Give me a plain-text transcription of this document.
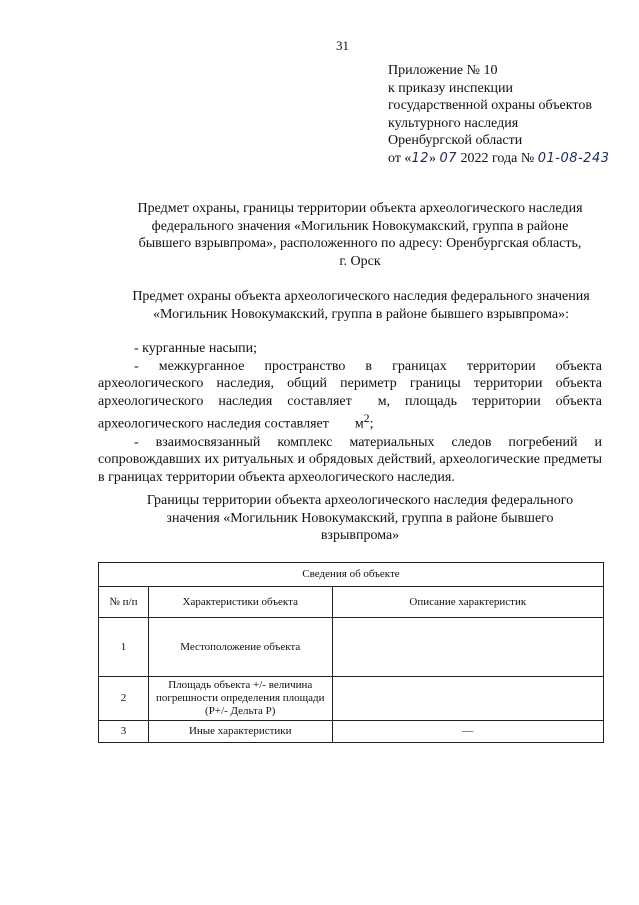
31
Приложение № 10
к приказу инспекции
государственной охраны объектов
культурного наследия
Оренбургской области
от «12» 07 2022 года № 01-08-243
Предмет охраны, границы территории объекта археологического наследия
федерального значения «Могильник Новокумакский, группа в районе
бывшего взрывпрома», расположенного по адресу: Оренбургская область,
г. Орск
Предмет охраны объекта археологического наследия федерального значения
«Могильник Новокумакский, группа в районе бывшего взрывпрома»:

- курганные насыпи;

- межкурганное пространство в границах территории объекта археологического наследия, общий периметр границы территории объекта археологического наследия составляет м, площадь территории объекта археологического наследия составляет $м^2$;

- взаимосвязанный комплекс материальных следов погребений и сопровождавших их ритуальных и обрядовых действий, археологические предметы в границах территории объекта археологического наследия.

Границы территории объекта археологического наследия федерального
значения «Могильник Новокумакский, группа в районе бывшего
взрывпрома»
Сведения об объекте		
№ п/п	Характеристики объекта	Описание характеристик
1	Местоположение объекта	
2	Площадь объекта +/- величина погрешности определения площади (Р+/- Дельта Р)	
3	Иные характеристики	—
